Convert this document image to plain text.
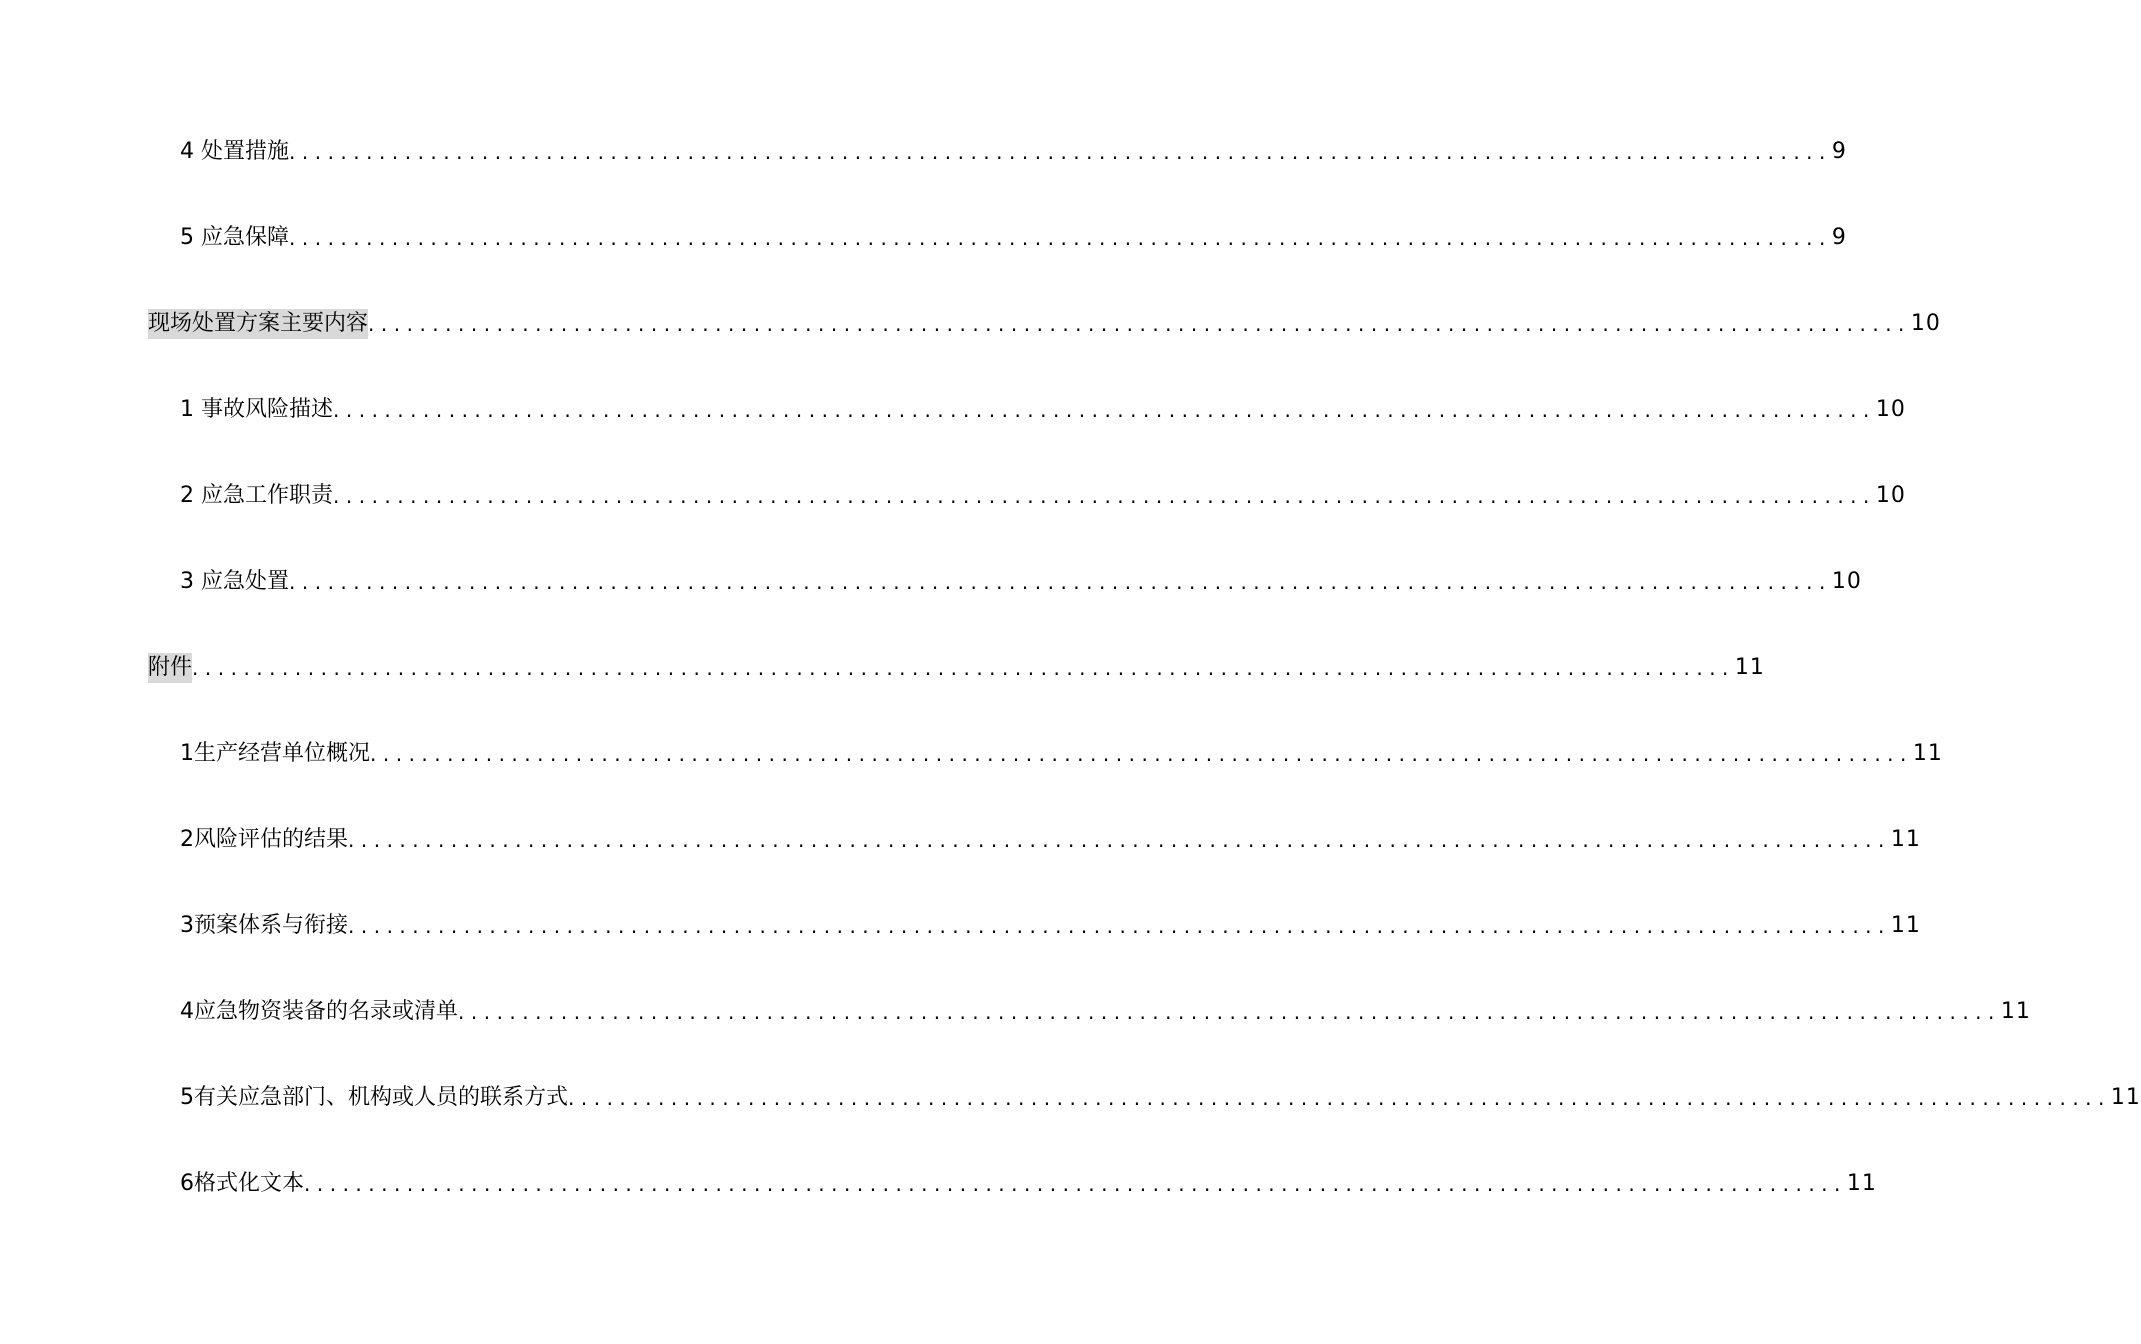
4 处置措施 ........................................................................................................................ 9
5 应急保障 ........................................................................................................................ 9
现场处置方案主要内容 ........................................................................................................................ 10
1 事故风险描述 ........................................................................................................................ 10
2 应急工作职责 ........................................................................................................................ 10
3 应急处置 ........................................................................................................................ 10
附件 ........................................................................................................................ 11
1生产经营单位概况 ........................................................................................................................ 11
2风险评估的结果 ........................................................................................................................ 11
3预案体系与衔接 ........................................................................................................................ 11
4应急物资装备的名录或清单 ........................................................................................................................ 11
5有关应急部门、机构或人员的联系方式 ........................................................................................................................ 11
6格式化文本 ........................................................................................................................ 11
